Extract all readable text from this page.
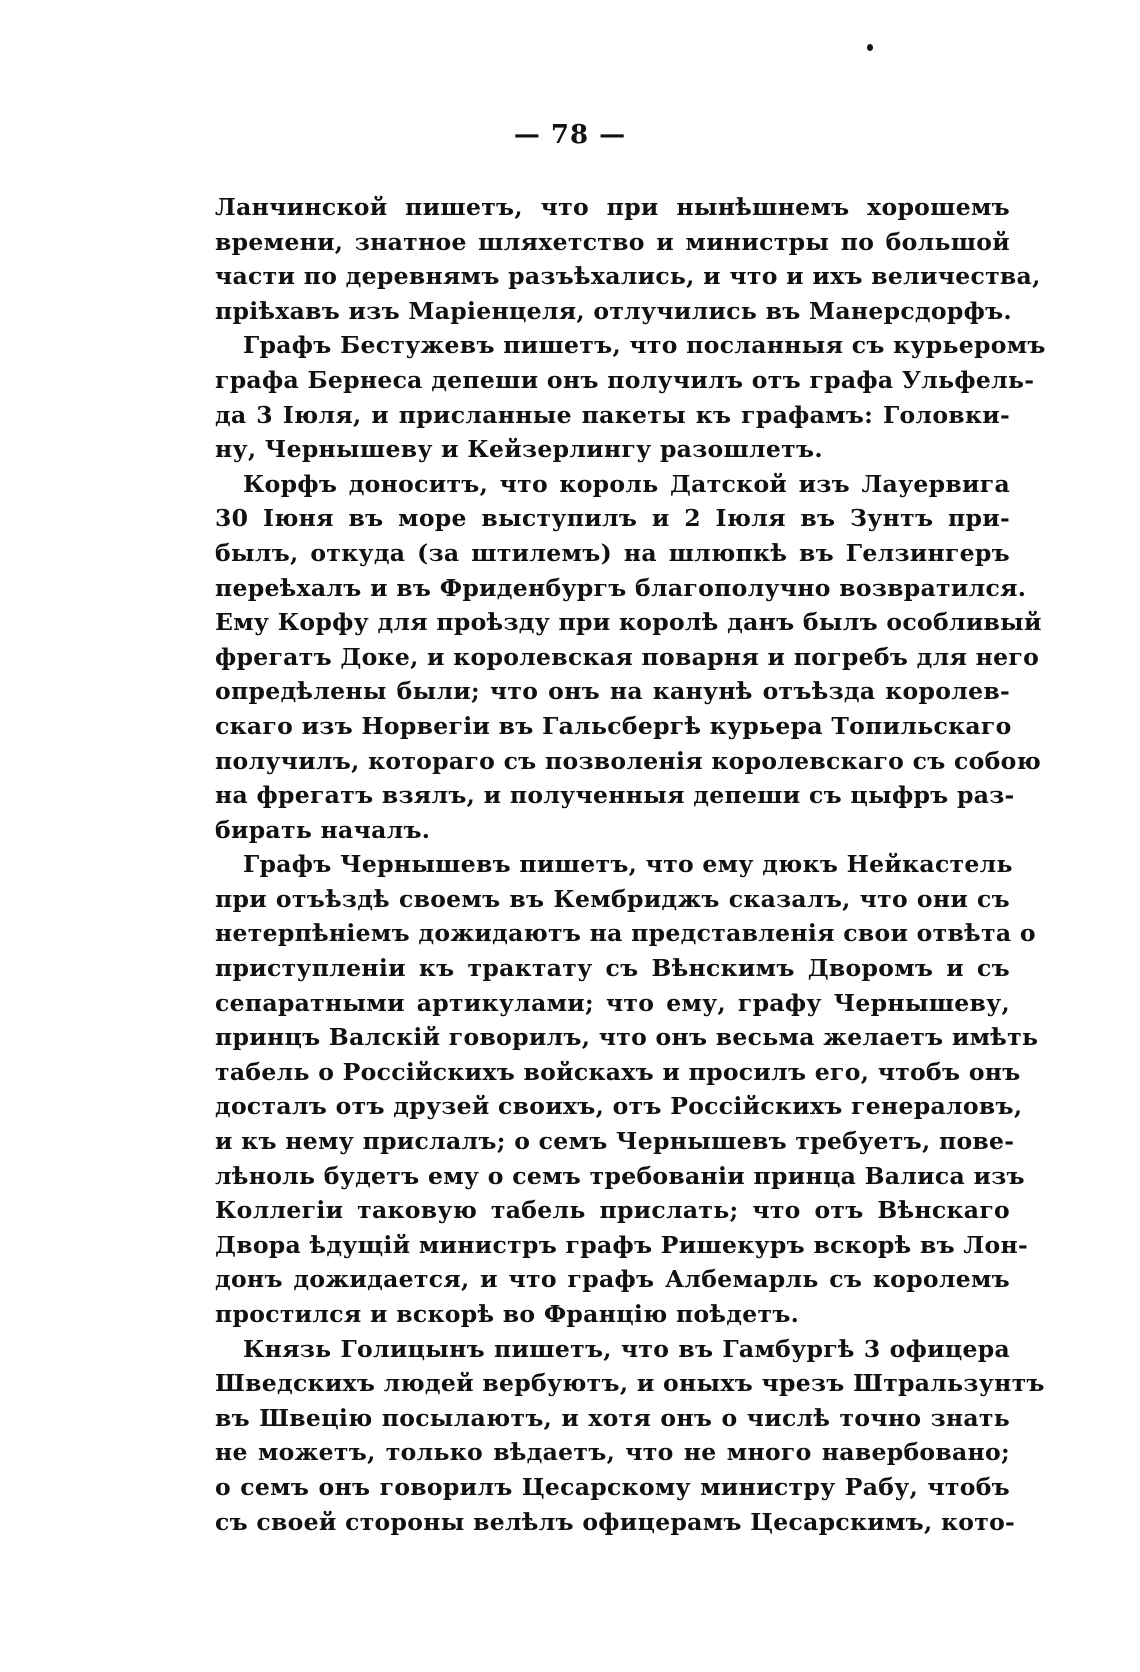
— 78 —
Ланчинской пишетъ, что при нынѣшнемъ хорошемъ
времени, знатное шляхетство и министры по большой
части по деревнямъ разъѣхались, и что и ихъ величества,
пріѣхавъ изъ Маріенцеля, отлучились въ Манерсдорфъ.
Графъ Бестужевъ пишетъ, что посланныя съ курьеромъ
графа Бернеса депеши онъ получилъ отъ графа Ульфель-
да 3 Іюля, и присланные пакеты къ графамъ: Головки-
ну, Чернышеву и Кейзерлингу разошлетъ.
Корфъ доноситъ, что король Датской изъ Лауервига
30 Іюня въ море выступилъ и 2 Іюля въ Зунтъ при-
былъ, откуда (за штилемъ) на шлюпкѣ въ Гелзингеръ
переѣхалъ и въ Фриденбургъ благополучно возвратился.
Ему Корфу для проѣзду при королѣ данъ былъ особливый
фрегатъ Доке, и королевская поварня и погребъ для него
опредѣлены были; что онъ на канунѣ отъѣзда королев-
скаго изъ Норвегіи въ Гальсбергѣ курьера Топильскаго
получилъ, котораго съ позволенія королевскаго съ собою
на фрегатъ взялъ, и полученныя депеши съ цыфръ раз-
бирать началъ.
Графъ Чернышевъ пишетъ, что ему дюкъ Нейкастель
при отъѣздѣ своемъ въ Кембриджъ сказалъ, что они съ
нетерпѣніемъ дожидаютъ на представленія свои отвѣта о
приступленіи къ трактату съ Вѣнскимъ Дворомъ и съ
сепаратными артикулами; что ему, графу Чернышеву,
принцъ Валскій говорилъ, что онъ весьма желаетъ имѣть
табель о Россійскихъ войскахъ и просилъ его, чтобъ онъ
досталъ отъ друзей своихъ, отъ Россійскихъ генераловъ,
и къ нему прислалъ; о семъ Чернышевъ требуетъ, пове-
лѣноль будетъ ему о семъ требованіи принца Валиса изъ
Коллегіи таковую табель прислать; что отъ Вѣнскаго
Двора ѣдущій министръ графъ Ришекуръ вскорѣ въ Лон-
донъ дожидается, и что графъ Албемарль съ королемъ
простился и вскорѣ во Францію поѣдетъ.
Князь Голицынъ пишетъ, что въ Гамбургѣ 3 офицера
Шведскихъ людей вербуютъ, и оныхъ чрезъ Штральзунтъ
въ Швецію посылаютъ, и хотя онъ о числѣ точно знать
не можетъ, только вѣдаетъ, что не много навербовано;
о семъ онъ говорилъ Цесарскому министру Рабу, чтобъ
съ своей стороны велѣлъ офицерамъ Цесарскимъ, кото-
